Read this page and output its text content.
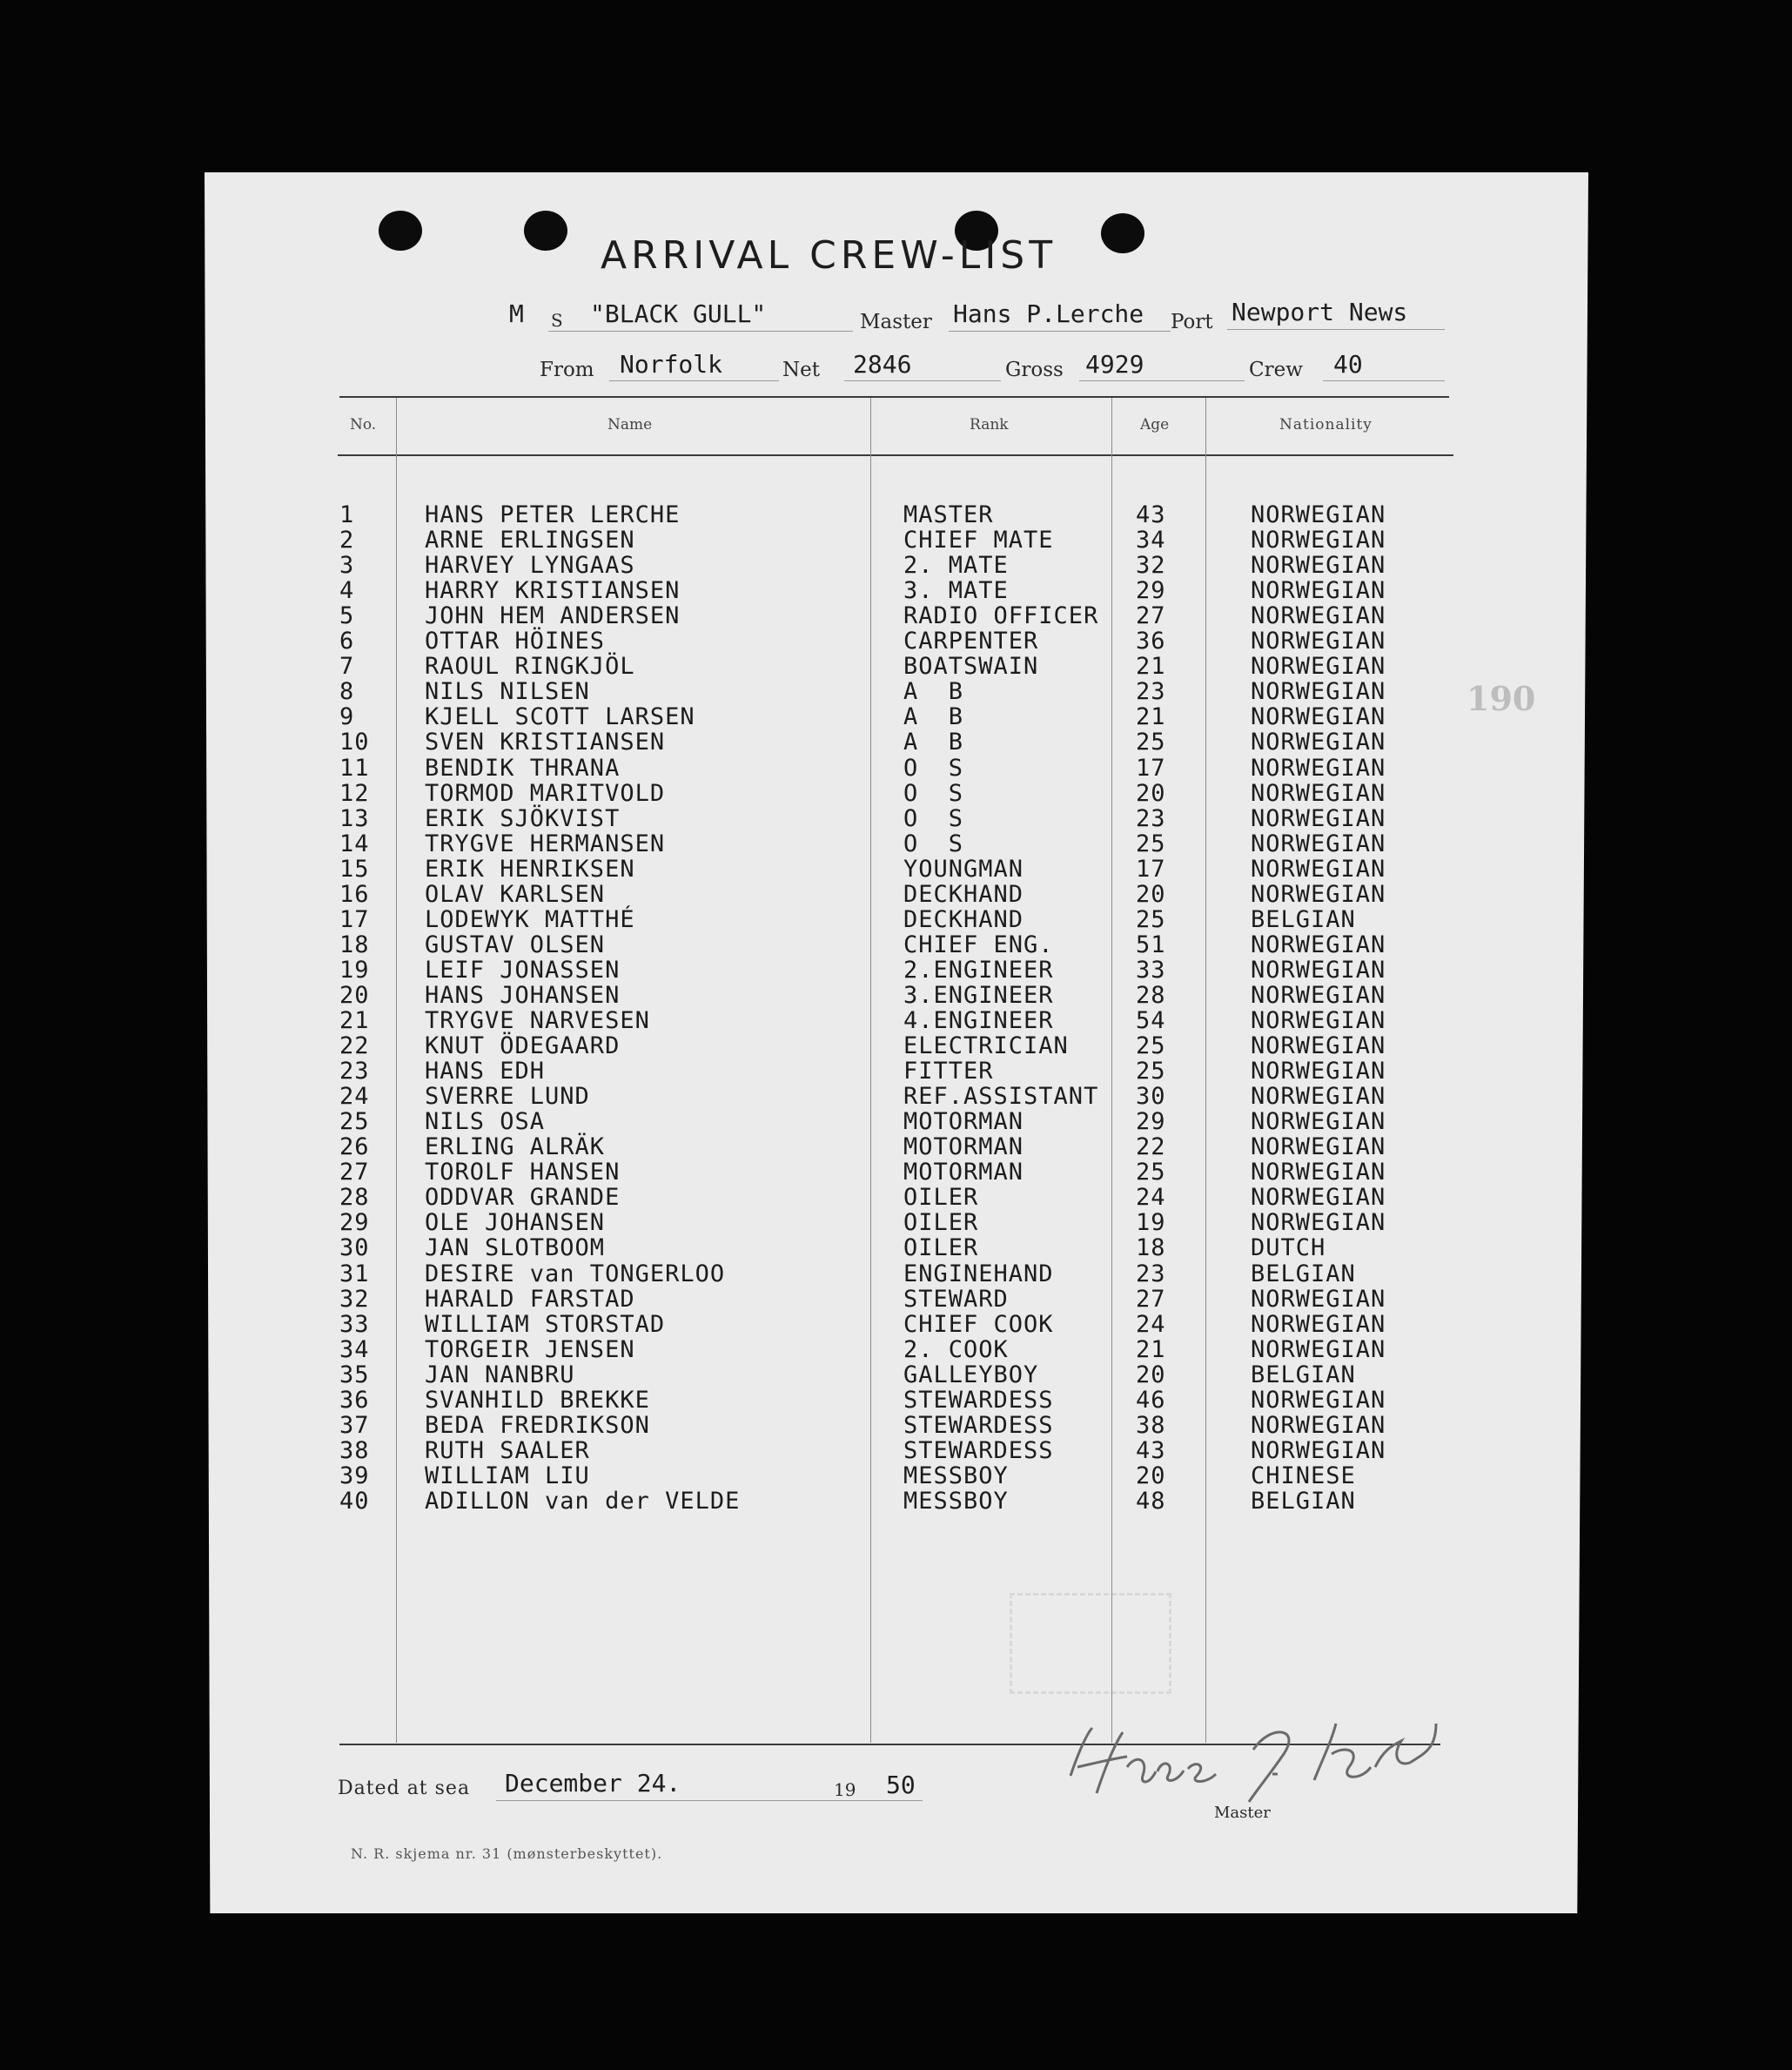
ARRIVAL CREW-LIST
M S "BLACK GULL"	Master Hans P.Lerche Port Newport News
From Norfolk	Net 2846	Gross 4929	Crew 40
No.	Name	Rank	Age	Nationality
1	HANS PETER LERCHE	MASTER	43	NORWEGIAN
2	ARNE ERLINGSEN	CHIEF MATE	34	NORWEGIAN
3	HARVEY LYNGAAS	2. MATE	32	NORWEGIAN
4	HARRY KRISTIANSEN	3. MATE	29	NORWEGIAN
5	JOHN HEM ANDERSEN	RADIO OFFICER 27	NORWEGIAN
6	OTTAR HÖINES	CARPENTER	36	NORWEGIAN
7	RAOUL RINGKJÖL	BOATSWAIN	21	NORWEGIAN
8	NILS NILSEN	A  B	23	NORWEGIAN
9	KJELL SCOTT LARSEN	A  B	21	NORWEGIAN
10 SVEN KRISTIANSEN	A  B	25	NORWEGIAN
11 BENDIK THRANA	O  S	17	NORWEGIAN
12 TORMOD MARITVOLD	O  S	20	NORWEGIAN
13 ERIK SJÖKVIST	O  S	23	NORWEGIAN
14 TRYGVE HERMANSEN	O  S	25	NORWEGIAN
15 ERIK HENRIKSEN	YOUNGMAN	17	NORWEGIAN
16 OLAV KARLSEN	DECKHAND	20	NORWEGIAN
17 LODEWYK MATTHÉ	DECKHAND	25	BELGIAN
18 GUSTAV OLSEN	CHIEF ENG.	51	NORWEGIAN
19 LEIF JONASSEN	2.ENGINEER	33	NORWEGIAN
20 HANS JOHANSEN	3.ENGINEER	28	NORWEGIAN
21 TRYGVE NARVESEN	4.ENGINEER	54	NORWEGIAN
22 KNUT ÖDEGAARD	ELECTRICIAN	25	NORWEGIAN
23 HANS EDH	FITTER	25	NORWEGIAN
24 SVERRE LUND	REF.ASSISTANT 30	NORWEGIAN
25 NILS OSA	MOTORMAN	29	NORWEGIAN
26 ERLING ALRÄK	MOTORMAN	22	NORWEGIAN
27 TOROLF HANSEN	MOTORMAN	25	NORWEGIAN
28 ODDVAR GRANDE	OILER	24	NORWEGIAN
29 OLE JOHANSEN	OILER	19	NORWEGIAN
30 JAN SLOTBOOM	OILER	18	DUTCH
31 DESIRE van TONGERLOO	ENGINEHAND	23	BELGIAN
32 HARALD FARSTAD	STEWARD	27	NORWEGIAN
33 WILLIAM STORSTAD	CHIEF COOK	24	NORWEGIAN
34 TORGEIR JENSEN	2. COOK	21	NORWEGIAN
35 JAN NANBRU	GALLEYBOY	20	BELGIAN
36 SVANHILD BREKKE	STEWARDESS	46	NORWEGIAN
37 BEDA FREDRIKSON	STEWARDESS	38	NORWEGIAN
38 RUTH SAALER	STEWARDESS	43	NORWEGIAN
39 WILLIAM LIU	MESSBOY	20	CHINESE
40 ADILLON van der VELDE	MESSBOY	48	BELGIAN
190
Dated at sea December 24.	19 50
Master
N. R. skjema nr. 31 (mønsterbeskyttet).
